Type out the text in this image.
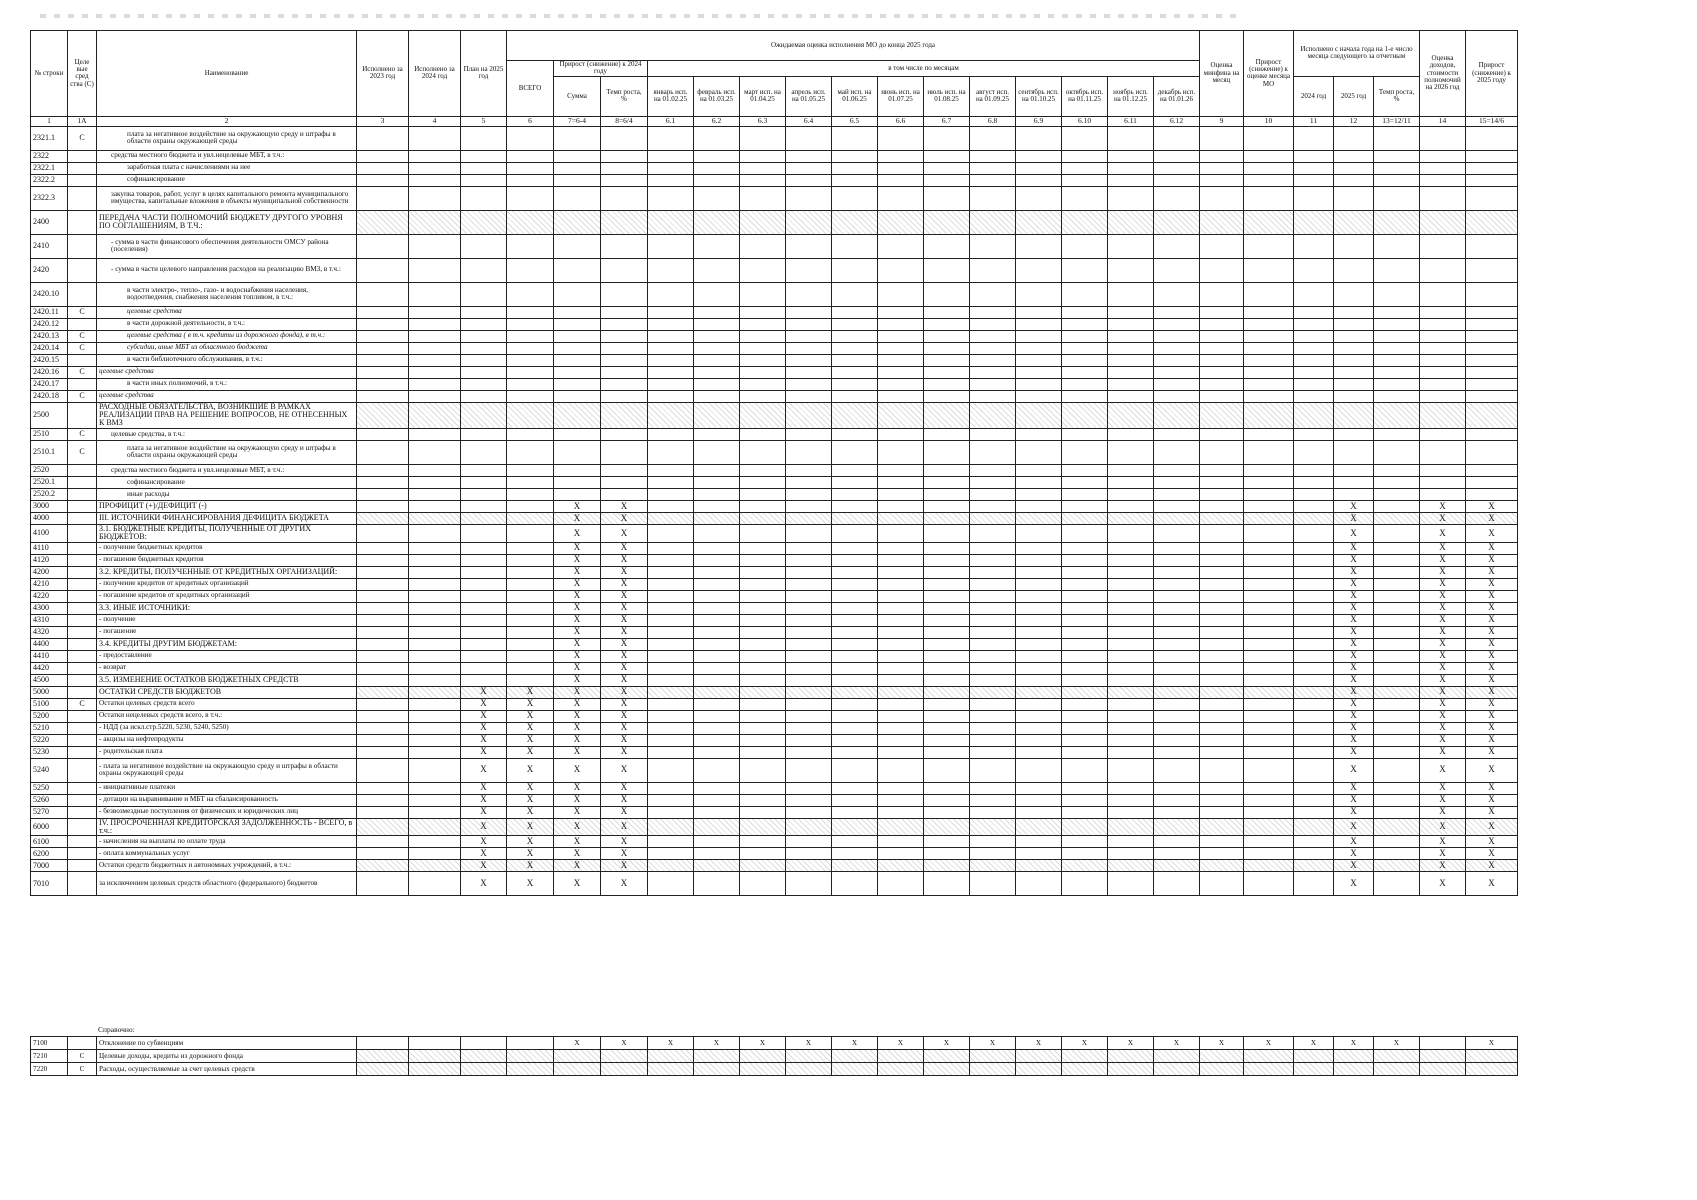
№ строки	Целе вые сред ства (С)	Наименование	Исполнено за 2023 год	Исполнено за 2024 год	План на 2025 год	Ожидаемая оценка исполнения МО до конца 2025 года															Оценка минфина на месяц	Прирост (снижение) к оценке месяца МО	Исполнено с начала года на 1-е число месяца следующего за отчетным			Оценка доходов, стоимости полномочий на 2026 год	Прирост (снижение) к 2025 году
						ВСЕГО	Прирост (снижение) к 2024 году		в том числе по месяцам																		
							Сумма	Темп роста, %	январь исп. на 01.02.25	февраль исп. на 01.03.25	март исп. на 01.04.25	апрель исп. на 01.05.25	май исп. на 01.06.25	июнь исп. на 01.07.25	июль исп. на 01.08.25	август исп. на 01.09.25	сентябрь исп. на 01.10.25	октябрь исп. на 01.11.25	ноябрь исп. на 01.12.25	декабрь исп. на 01.01.26			2024 год	2025 год	Темп роста, %		

1	1А	2	3	4	5	6	7=6-4	8=6/4	6.1	6.2	6.3	6.4	6.5	6.6	6.7	6.8	6.9	6.10	6.11	6.12	9	10	11	12	13=12/11	14	15=14/6
2321.1	С	плата за негативное воздействие на окружающую среду и штрафы в области охраны окружающей среды																									
2322		средства местного бюджета и увл.нецелевые МБТ, в т.ч.:																									
2322.1		заработная плата с начислениями на нее																									
2322.2		софинансирование																									
2322.3		закупка товаров, работ, услуг в целях капитального ремонта муниципального имущества, капитальные вложения в объекты муниципальной собственности																									
2400		ПЕРЕДАЧА ЧАСТИ ПОЛНОМОЧИЙ БЮДЖЕТУ ДРУГОГО УРОВНЯ ПО СОГЛАШЕНИЯМ, В Т.Ч.:																									
2410		- сумма в части финансового обеспечения деятельности ОМСУ района (поселения)																									
2420		- сумма в части целевого направления расходов на реализацию ВМЗ, в т.ч.:																									
2420.10		в части электро-, тепло-, газо- и водоснабжения населения, водоотведения, снабжения населения топливом, в т.ч.:																									
2420.11	С	целевые средства																									
2420.12		в части дорожной деятельности, в т.ч.:																									
2420.13	С	целевые средства ( в т.ч. кредиты из дорожного фонда), в т.ч.:																									
2420.14	С	субсидии, иные МБТ из областного бюджета																									
2420.15		в части библиотечного обслуживания, в т.ч.:																									
2420.16	С	целевые средства																									
2420.17		в части иных полномочий, в т.ч.:																									
2420.18	С	целевые средства																									
2500		РАСХОДНЫЕ ОБЯЗАТЕЛЬСТВА, ВОЗНИКШИЕ В РАМКАХ РЕАЛИЗАЦИИ ПРАВ НА РЕШЕНИЕ ВОПРОСОВ, НЕ ОТНЕСЕННЫХ К ВМЗ																									
2510	С	целевые средства, в т.ч.:																									
2510.1	С	плата за негативное воздействие на окружающую среду и штрафы в области охраны окружающей среды																									
2520		средства местного бюджета и увл.нецелевые МБТ, в т.ч.:																									
2520.1		софинансирование																									
2520.2		иные расходы																									
3000		ПРОФИЦИТ (+)/ДЕФИЦИТ (-)					X	X																X		X	X
4000		III. ИСТОЧНИКИ ФИНАНСИРОВАНИЯ ДЕФИЦИТА БЮДЖЕТА					X	X																X		X	X
4100		3.1. БЮДЖЕТНЫЕ КРЕДИТЫ, ПОЛУЧЕННЫЕ ОТ ДРУГИХ БЮДЖЕТОВ:					X	X																X		X	X
4110		- получение бюджетных кредитов					X	X																X		X	X
4120		- погашение бюджетных кредитов					X	X																X		X	X
4200		3.2. КРЕДИТЫ, ПОЛУЧЕННЫЕ ОТ КРЕДИТНЫХ ОРГАНИЗАЦИЙ:					X	X																X		X	X
4210		- получение кредитов от кредитных организаций					X	X																X		X	X
4220		- погашение кредитов от кредитных организаций					X	X																X		X	X
4300		3.3. ИНЫЕ ИСТОЧНИКИ:					X	X																X		X	X
4310		- получение					X	X																X		X	X
4320		- погашение					X	X																X		X	X
4400		3.4. КРЕДИТЫ ДРУГИМ БЮДЖЕТАМ:					X	X																X		X	X
4410		- предоставление					X	X																X		X	X
4420		- возврат					X	X																X		X	X
4500		3.5. ИЗМЕНЕНИЕ ОСТАТКОВ БЮДЖЕТНЫХ СРЕДСТВ					X	X																X		X	X
5000		ОСТАТКИ СРЕДСТВ БЮДЖЕТОВ			X	X	X	X																X		X	X
5100	С	Остатки целевых средств всего			X	X	X	X																X		X	X
5200		Остатки нецелевых средств всего, в т.ч.:			X	X	X	X																X		X	X
5210		- НДД (за искл.стр.5220, 5230, 5240, 5250)			X	X	X	X																X		X	X
5220		- акцизы на нефтепродукты			X	X	X	X																X		X	X
5230		- родительская плата			X	X	X	X																X		X	X
5240		- плата за негативное воздействие на окружающую среду и штрафы в области охраны окружающей среды			X	X	X	X																X		X	X
5250		- инициативные платежи			X	X	X	X																X		X	X
5260		- дотации на выравнивание и МБТ на сбалансированность			X	X	X	X																X		X	X
5270		- безвозмездные поступления от физических и юридических лиц			X	X	X	X																X		X	X
6000		IV. ПРОСРОЧЕННАЯ КРЕДИТОРСКАЯ ЗАДОЛЖЕННОСТЬ - ВСЕГО, в т.ч.:			X	X	X	X																X		X	X
6100		- начисления на выплаты по оплате труда			X	X	X	X																X		X	X
6200		- оплата коммунальных услуг			X	X	X	X																X		X	X
7000		Остатки средств бюджетных и автономных учреждений, в т.ч.:			X	X	X	X																X		X	X
7010		за исключением целевых средств областного (федерального) бюджетов			X	X	X	X																X		X	X
Справочно:
7100		Отклонение по субвенциям					X	X	X	X	X	X	X	X	X	X	X	X	X	X	X	X	X	X	X		X
7210	С	Целевые доходы, кредиты из дорожного фонда																									
7220	С	Расходы, осуществляемые за счет целевых средств																									
